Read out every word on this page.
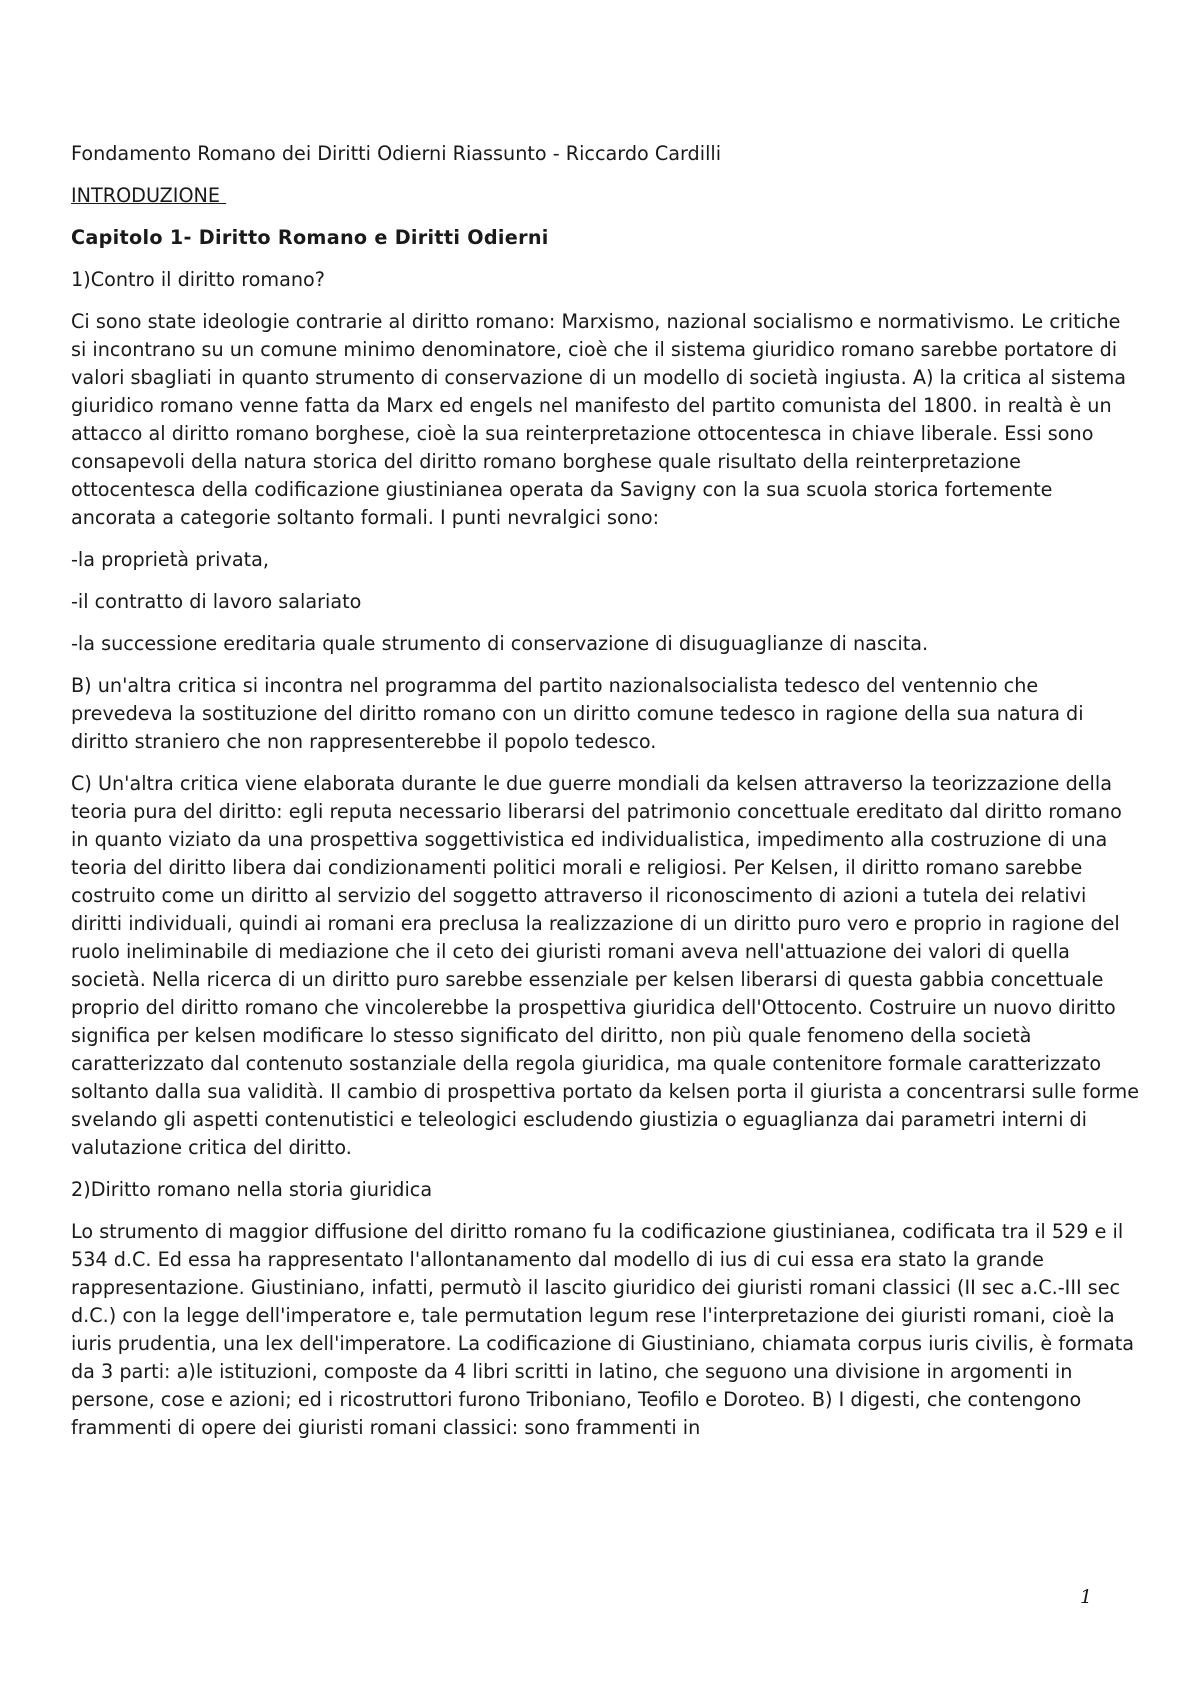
Fondamento Romano dei Diritti Odierni Riassunto - Riccardo Cardilli
INTRODUZIONE
Capitolo 1- Diritto Romano e Diritti Odierni

1)Contro il diritto romano?

Ci sono state ideologie contrarie al diritto romano: Marxismo, nazional socialismo e normativismo. Le critiche si incontrano su un comune minimo denominatore, cioè che il sistema giuridico romano sarebbe portatore di valori sbagliati in quanto strumento di conservazione di un modello di società ingiusta. A) la critica al sistema giuridico romano venne fatta da Marx ed engels nel manifesto del partito comunista del 1800. in realtà è un attacco al diritto romano borghese, cioè la sua reinterpretazione ottocentesca in chiave liberale. Essi sono consapevoli della natura storica del diritto romano borghese quale risultato della reinterpretazione ottocentesca della codificazione giustinianea operata da Savigny con la sua scuola storica fortemente ancorata a categorie soltanto formali. I punti nevralgici sono:

-la proprietà privata,

-il contratto di lavoro salariato

-la successione ereditaria quale strumento di conservazione di disuguaglianze di nascita.

B) un'altra critica si incontra nel programma del partito nazionalsocialista tedesco del ventennio che prevedeva la sostituzione del diritto romano con un diritto comune tedesco in ragione della sua natura di diritto straniero che non rappresenterebbe il popolo tedesco.

C) Un'altra critica viene elaborata durante le due guerre mondiali da kelsen attraverso la teorizzazione della teoria pura del diritto: egli reputa necessario liberarsi del patrimonio concettuale ereditato dal diritto romano in quanto viziato da una prospettiva soggettivistica ed individualistica, impedimento alla costruzione di una teoria del diritto libera dai condizionamenti politici morali e religiosi. Per Kelsen, il diritto romano sarebbe costruito come un diritto al servizio del soggetto attraverso il riconoscimento di azioni a tutela dei relativi diritti individuali, quindi ai romani era preclusa la realizzazione di un diritto puro vero e proprio in ragione del ruolo ineliminabile di mediazione che il ceto dei giuristi romani aveva nell'attuazione dei valori di quella società. Nella ricerca di un diritto puro sarebbe essenziale per kelsen liberarsi di questa gabbia concettuale proprio del diritto romano che vincolerebbe la prospettiva giuridica dell'Ottocento. Costruire un nuovo diritto significa per kelsen modificare lo stesso significato del diritto, non più quale fenomeno della società caratterizzato dal contenuto sostanziale della regola giuridica, ma quale contenitore formale caratterizzato soltanto dalla sua validità. Il cambio di prospettiva portato da kelsen porta il giurista a concentrarsi sulle forme svelando gli aspetti contenutistici e teleologici escludendo giustizia o eguaglianza dai parametri interni di valutazione critica del diritto.

2)Diritto romano nella storia giuridica

Lo strumento di maggior diffusione del diritto romano fu la codificazione giustinianea, codificata tra il 529 e il 534 d.C. Ed essa ha rappresentato l'allontanamento dal modello di ius di cui essa era stato la grande rappresentazione. Giustiniano, infatti, permutò il lascito giuridico dei giuristi romani classici (II sec a.C.-III sec d.C.) con la legge dell'imperatore e, tale permutation legum rese l'interpretazione dei giuristi romani, cioè la iuris prudentia, una lex dell'imperatore. La codificazione di Giustiniano, chiamata corpus iuris civilis, è formata da 3 parti: a)le istituzioni, composte da 4 libri scritti in latino, che seguono una divisione in argomenti in persone, cose e azioni; ed i ricostruttori furono Triboniano, Teofilo e Doroteo. B) I digesti, che contengono frammenti di opere dei giuristi romani classici: sono frammenti in

1
